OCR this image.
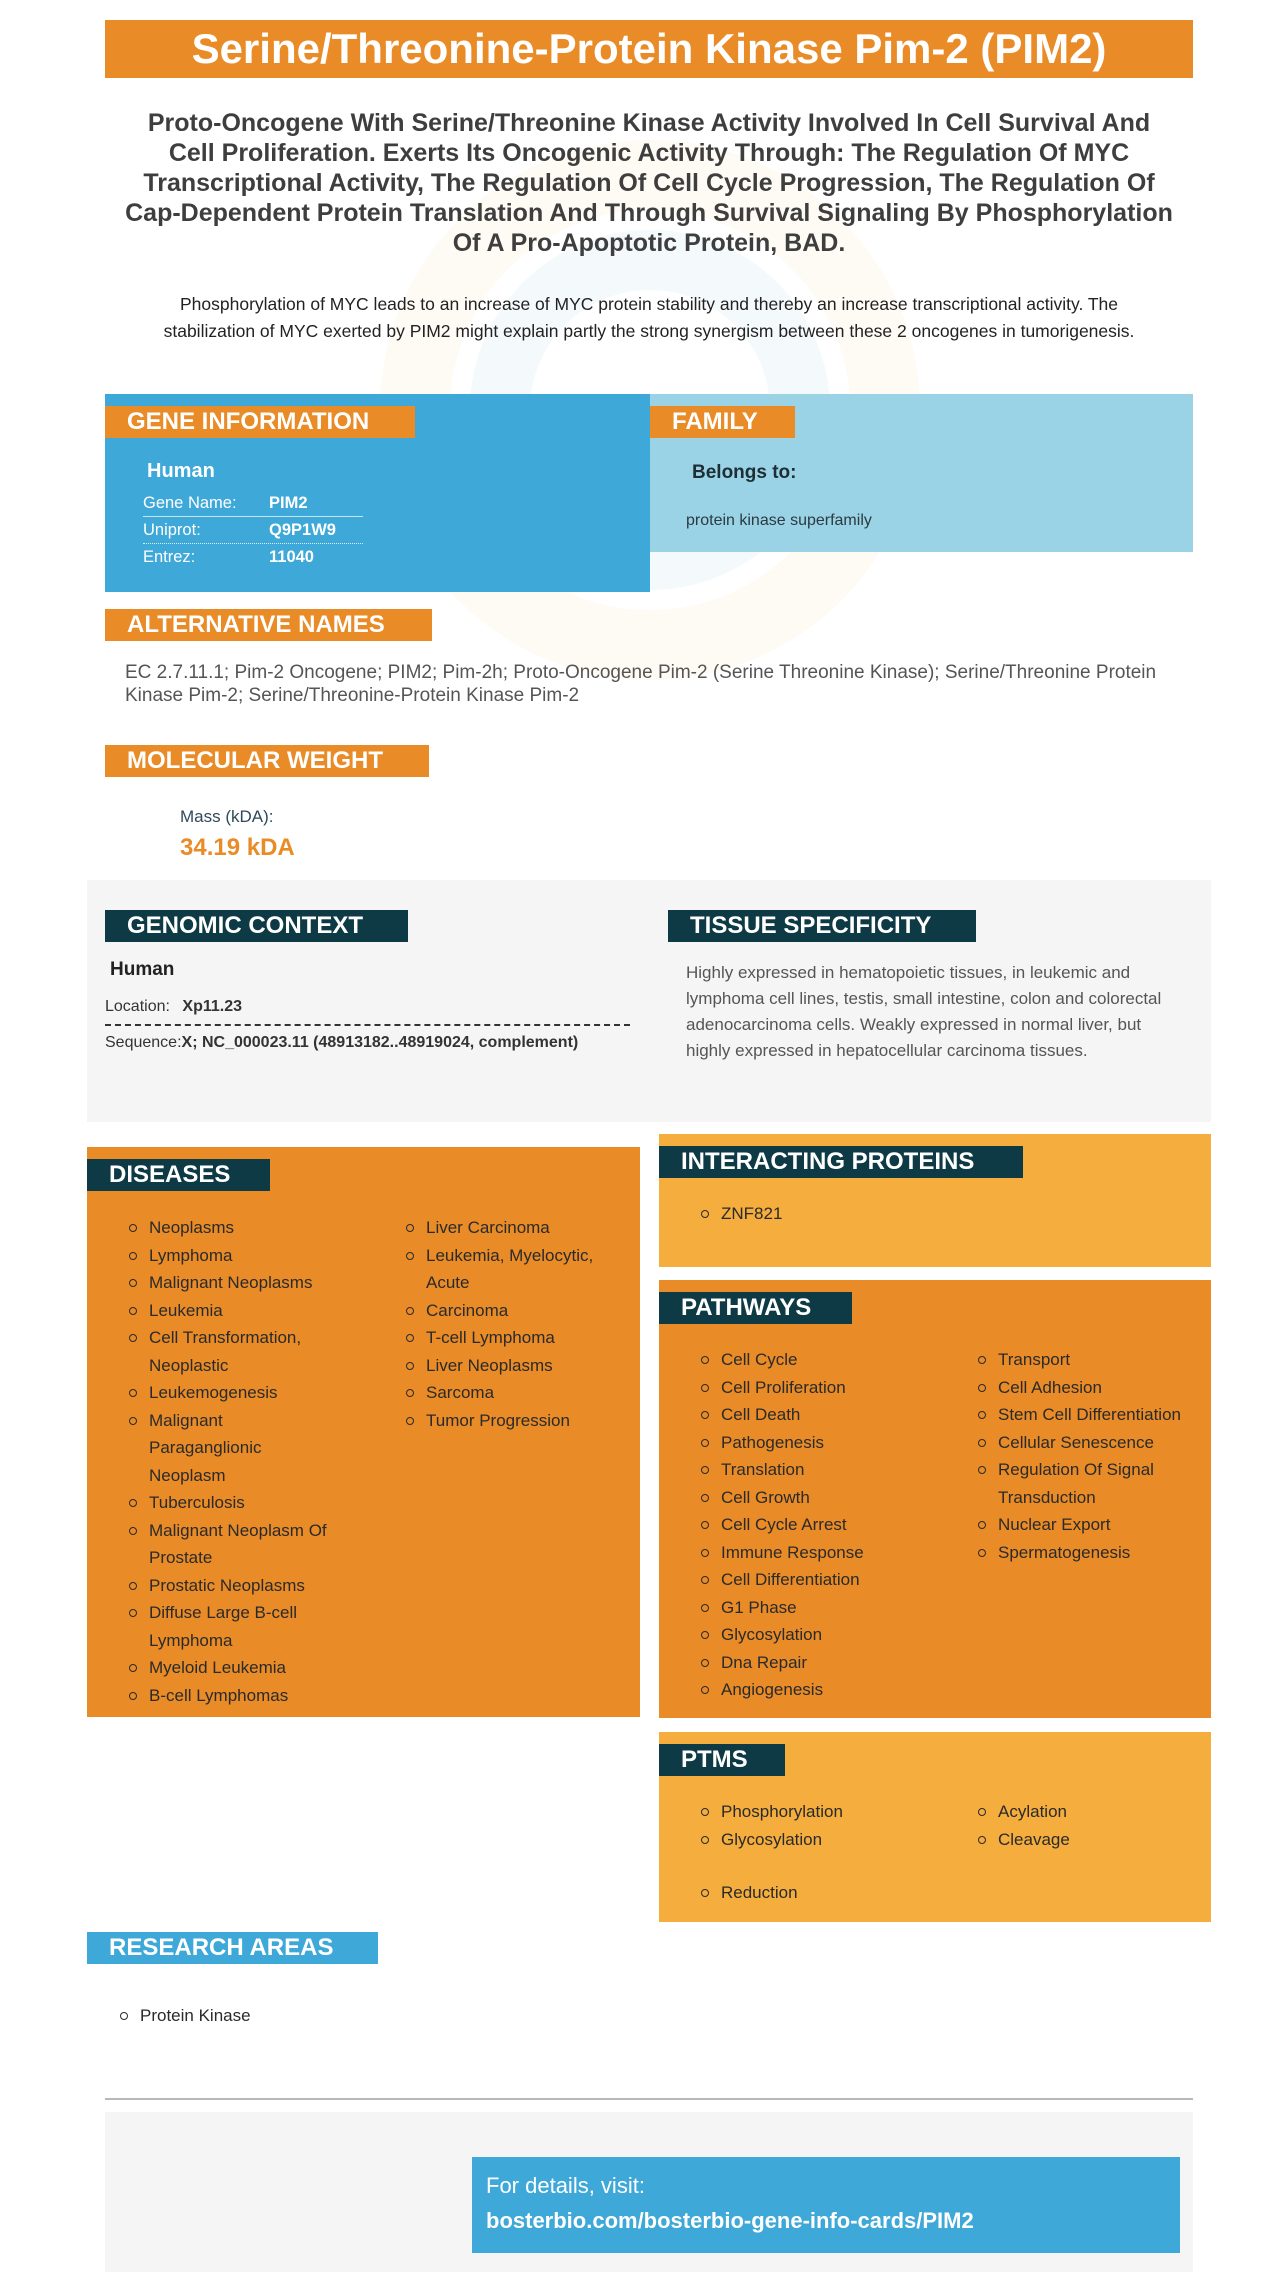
Serine/Threonine-Protein Kinase Pim-2 (PIM2)
Proto-Oncogene With Serine/Threonine Kinase Activity Involved In Cell Survival And Cell Proliferation. Exerts Its Oncogenic Activity Through: The Regulation Of MYC Transcriptional Activity, The Regulation Of Cell Cycle Progression, The Regulation Of Cap-Dependent Protein Translation And Through Survival Signaling By Phosphorylation Of A Pro-Apoptotic Protein, BAD.
Phosphorylation of MYC leads to an increase of MYC protein stability and thereby an increase transcriptional activity. The stabilization of MYC exerted by PIM2 might explain partly the strong synergism between these 2 oncogenes in tumorigenesis.
GENE INFORMATION
Human
Gene Name: PIM2
Uniprot:	Q9P1W9
Entrez:	11040
FAMILY
Belongs to:
protein kinase superfamily
ALTERNATIVE NAMES
EC 2.7.11.1; Pim-2 Oncogene; PIM2; Pim-2h; Proto-Oncogene Pim-2 (Serine Threonine Kinase); Serine/Threonine Protein Kinase Pim-2; Serine/Threonine-Protein Kinase Pim-2
MOLECULAR WEIGHT
Mass (kDA):
34.19 kDA
GENOMIC CONTEXT
Human
Location: Xp11.23
Sequence:X; NC_000023.11 (48913182..48919024, complement)
TISSUE SPECIFICITY
Highly expressed in hematopoietic tissues, in leukemic and lymphoma cell lines, testis, small intestine, colon and colorectal adenocarcinoma cells. Weakly expressed in normal liver, but highly expressed in hepatocellular carcinoma tissues.
DISEASES
Neoplasms
Lymphoma
Malignant Neoplasms
Leukemia
Cell Transformation, Neoplastic
Leukemogenesis
Malignant Paraganglionic Neoplasm
Tuberculosis
Malignant Neoplasm Of Prostate
Prostatic Neoplasms
Diffuse Large B-cell Lymphoma
Myeloid Leukemia
B-cell Lymphomas
Liver Carcinoma
Leukemia, Myelocytic, Acute
Carcinoma
T-cell Lymphoma
Liver Neoplasms
Sarcoma
Tumor Progression
INTERACTING PROTEINS
ZNF821
PATHWAYS
Cell Cycle
Cell Proliferation
Cell Death
Pathogenesis
Translation
Cell Growth
Cell Cycle Arrest
Immune Response
Cell Differentiation
G1 Phase
Glycosylation
Dna Repair
Angiogenesis
Transport
Cell Adhesion
Stem Cell Differentiation
Cellular Senescence
Regulation Of Signal Transduction
Nuclear Export
Spermatogenesis
PTMS
Phosphorylation
Glycosylation
Reduction
Acylation
Cleavage
RESEARCH AREAS
Protein Kinase
For details, visit:
bosterbio.com/bosterbio-gene-info-cards/PIM2
